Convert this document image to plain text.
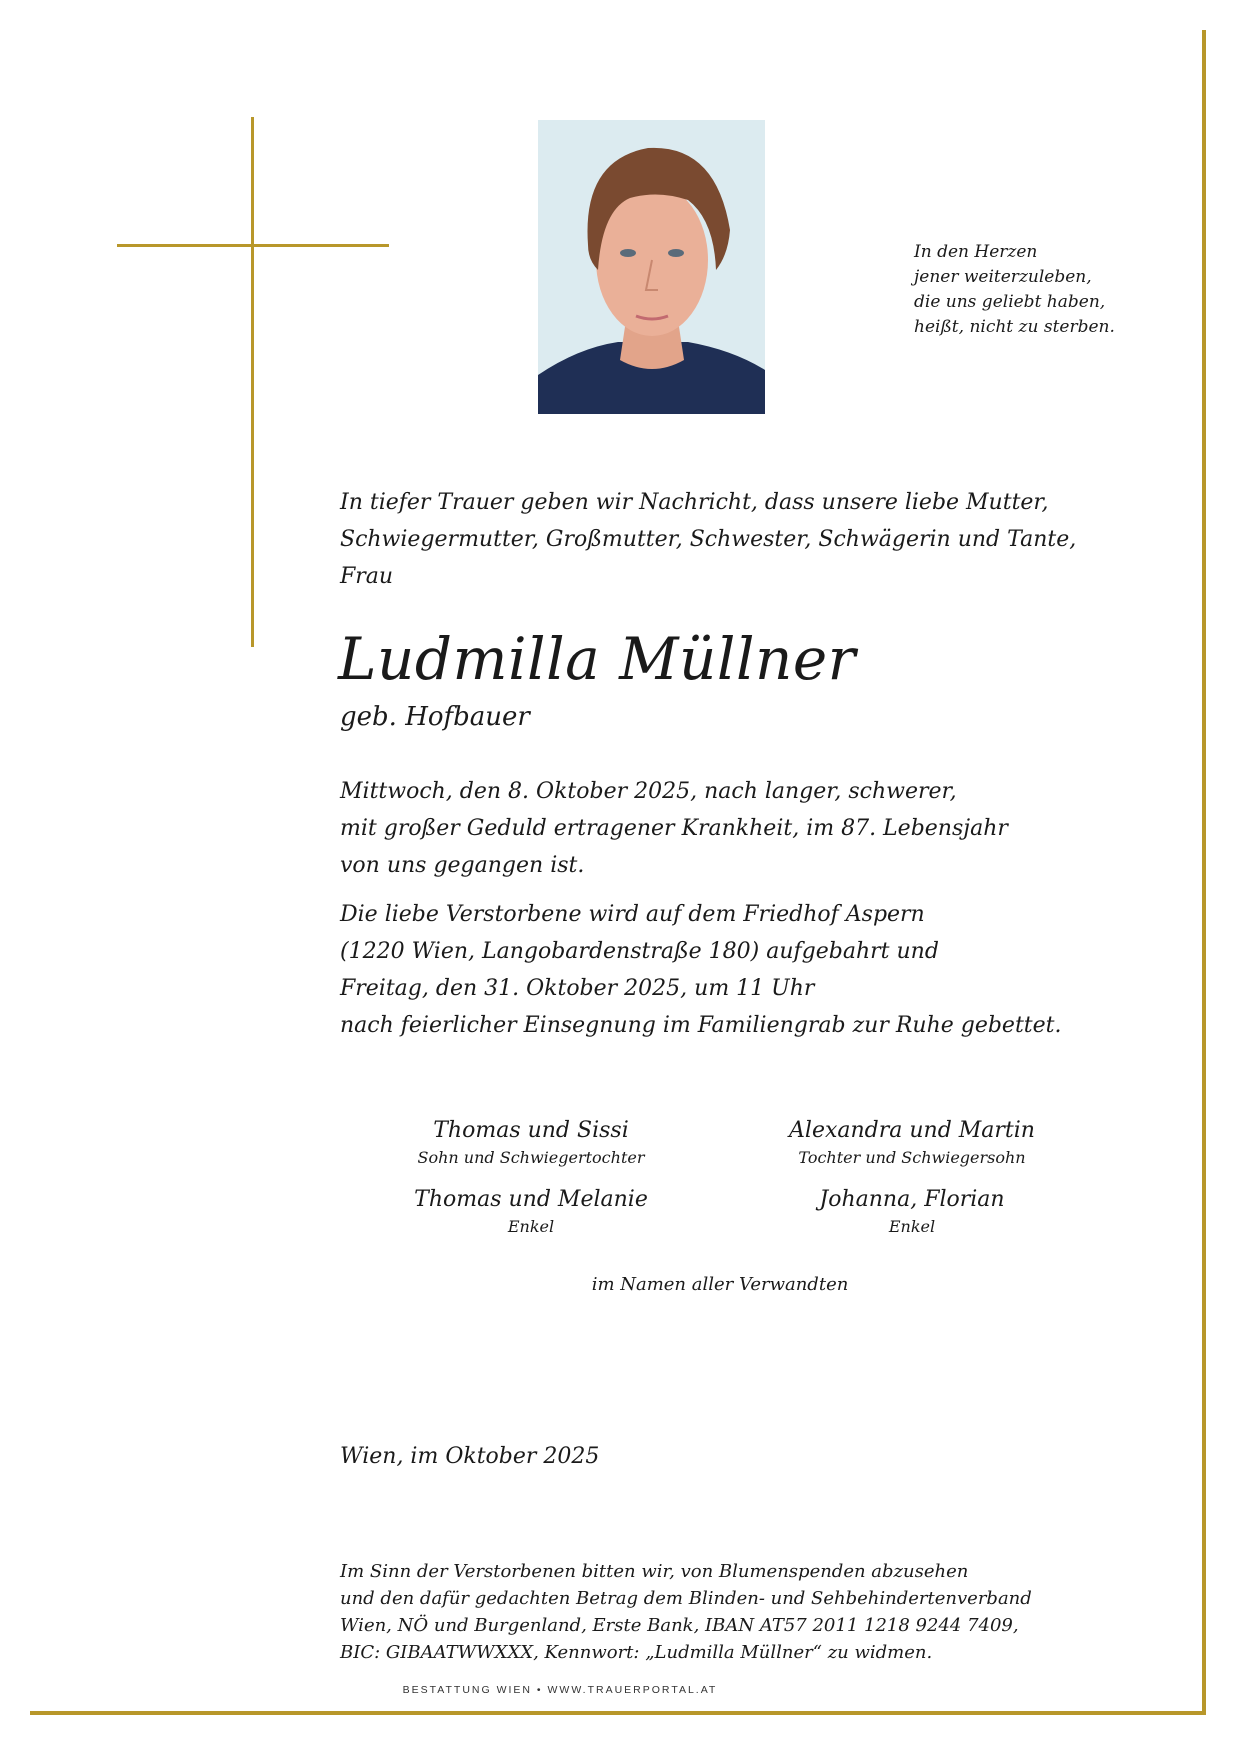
In den Herzen
jener weiterzuleben,
die uns geliebt haben,
heißt, nicht zu sterben.
In tiefer Trauer geben wir Nachricht, dass unsere liebe Mutter,
Schwiegermutter, Großmutter, Schwester, Schwägerin und Tante,
Frau
Ludmilla Müllner
geb. Hofbauer
Mittwoch, den 8. Oktober 2025, nach langer, schwerer,
mit großer Geduld ertragener Krankheit, im 87. Lebensjahr
von uns gegangen ist.
Die liebe Verstorbene wird auf dem Friedhof Aspern
(1220 Wien, Langobardenstraße 180) aufgebahrt und
Freitag, den 31. Oktober 2025, um 11 Uhr
nach feierlicher Einsegnung im Familiengrab zur Ruhe gebettet.
Thomas und Sissi
Sohn und Schwiegertochter
Alexandra und Martin
Tochter und Schwiegersohn
Thomas und Melanie
Enkel
Johanna, Florian
Enkel
im Namen aller Verwandten
Wien, im Oktober 2025
Im Sinn der Verstorbenen bitten wir, von Blumenspenden abzusehen
und den dafür gedachten Betrag dem Blinden- und Sehbehindertenverband
Wien, NÖ und Burgenland, Erste Bank, IBAN AT57 2011 1218 9244 7409,
BIC: GIBAATWWXXX, Kennwort: „Ludmilla Müllner“ zu widmen.
BESTATTUNG WIEN • WWW.TRAUERPORTAL.AT
